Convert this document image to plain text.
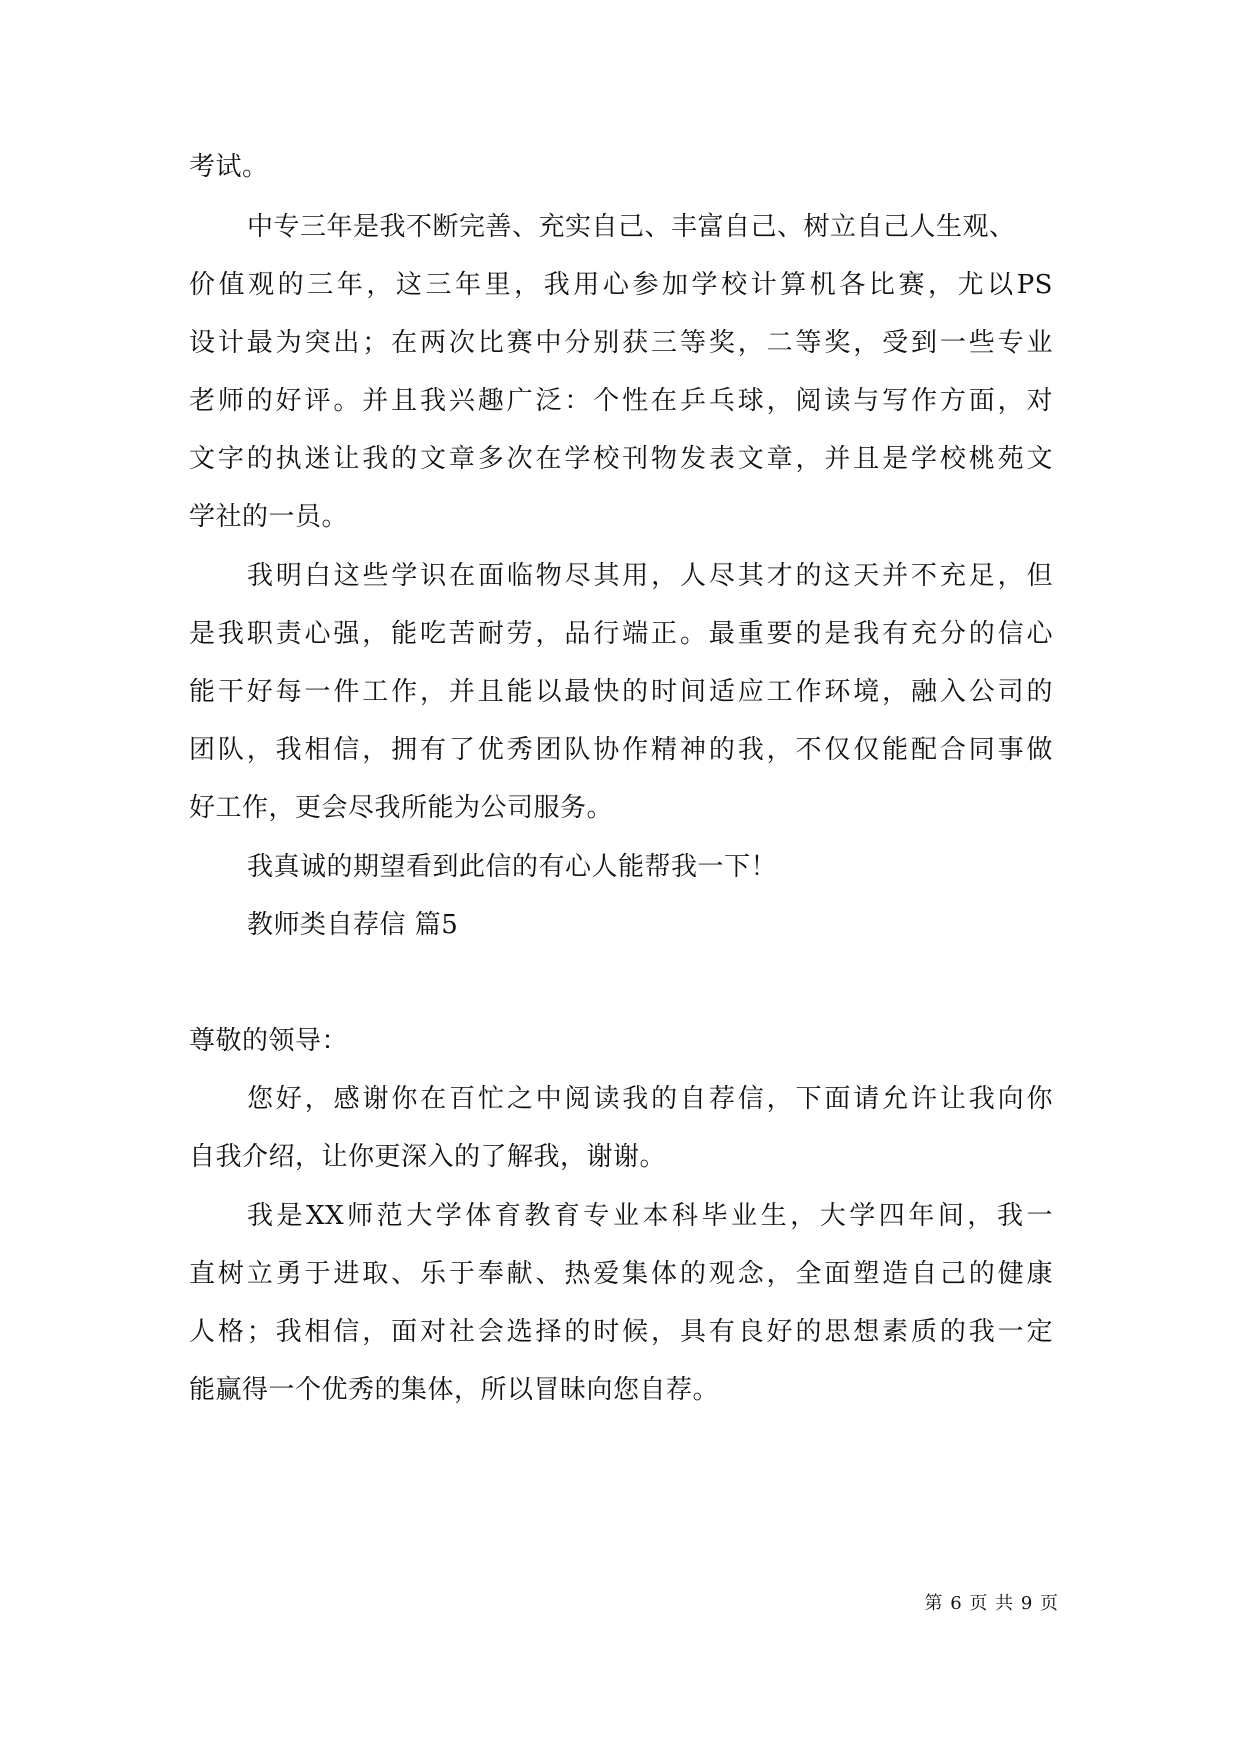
考试。
中专三年是我不断完善、充实自己、丰富自己、树立自己人生观、
价值观的三年，这三年里，我用心参加学校计算机各比赛，尤以PS
设计最为突出；在两次比赛中分别获三等奖，二等奖，受到一些专业
老师的好评。并且我兴趣广泛：个性在乒乓球，阅读与写作方面，对
文字的执迷让我的文章多次在学校刊物发表文章，并且是学校桃苑文
学社的一员。
我明白这些学识在面临物尽其用，人尽其才的这天并不充足，但
是我职责心强，能吃苦耐劳，品行端正。最重要的是我有充分的信心
能干好每一件工作，并且能以最快的时间适应工作环境，融入公司的
团队，我相信，拥有了优秀团队协作精神的我，不仅仅能配合同事做
好工作，更会尽我所能为公司服务。
我真诚的期望看到此信的有心人能帮我一下！
教师类自荐信 篇5
尊敬的领导：
您好，感谢你在百忙之中阅读我的自荐信，下面请允许让我向你
自我介绍，让你更深入的了解我，谢谢。
我是XX师范大学体育教育专业本科毕业生，大学四年间，我一
直树立勇于进取、乐于奉献、热爱集体的观念，全面塑造自己的健康
人格；我相信，面对社会选择的时候，具有良好的思想素质的我一定
能赢得一个优秀的集体，所以冒昧向您自荐。
第 6 页 共 9 页
